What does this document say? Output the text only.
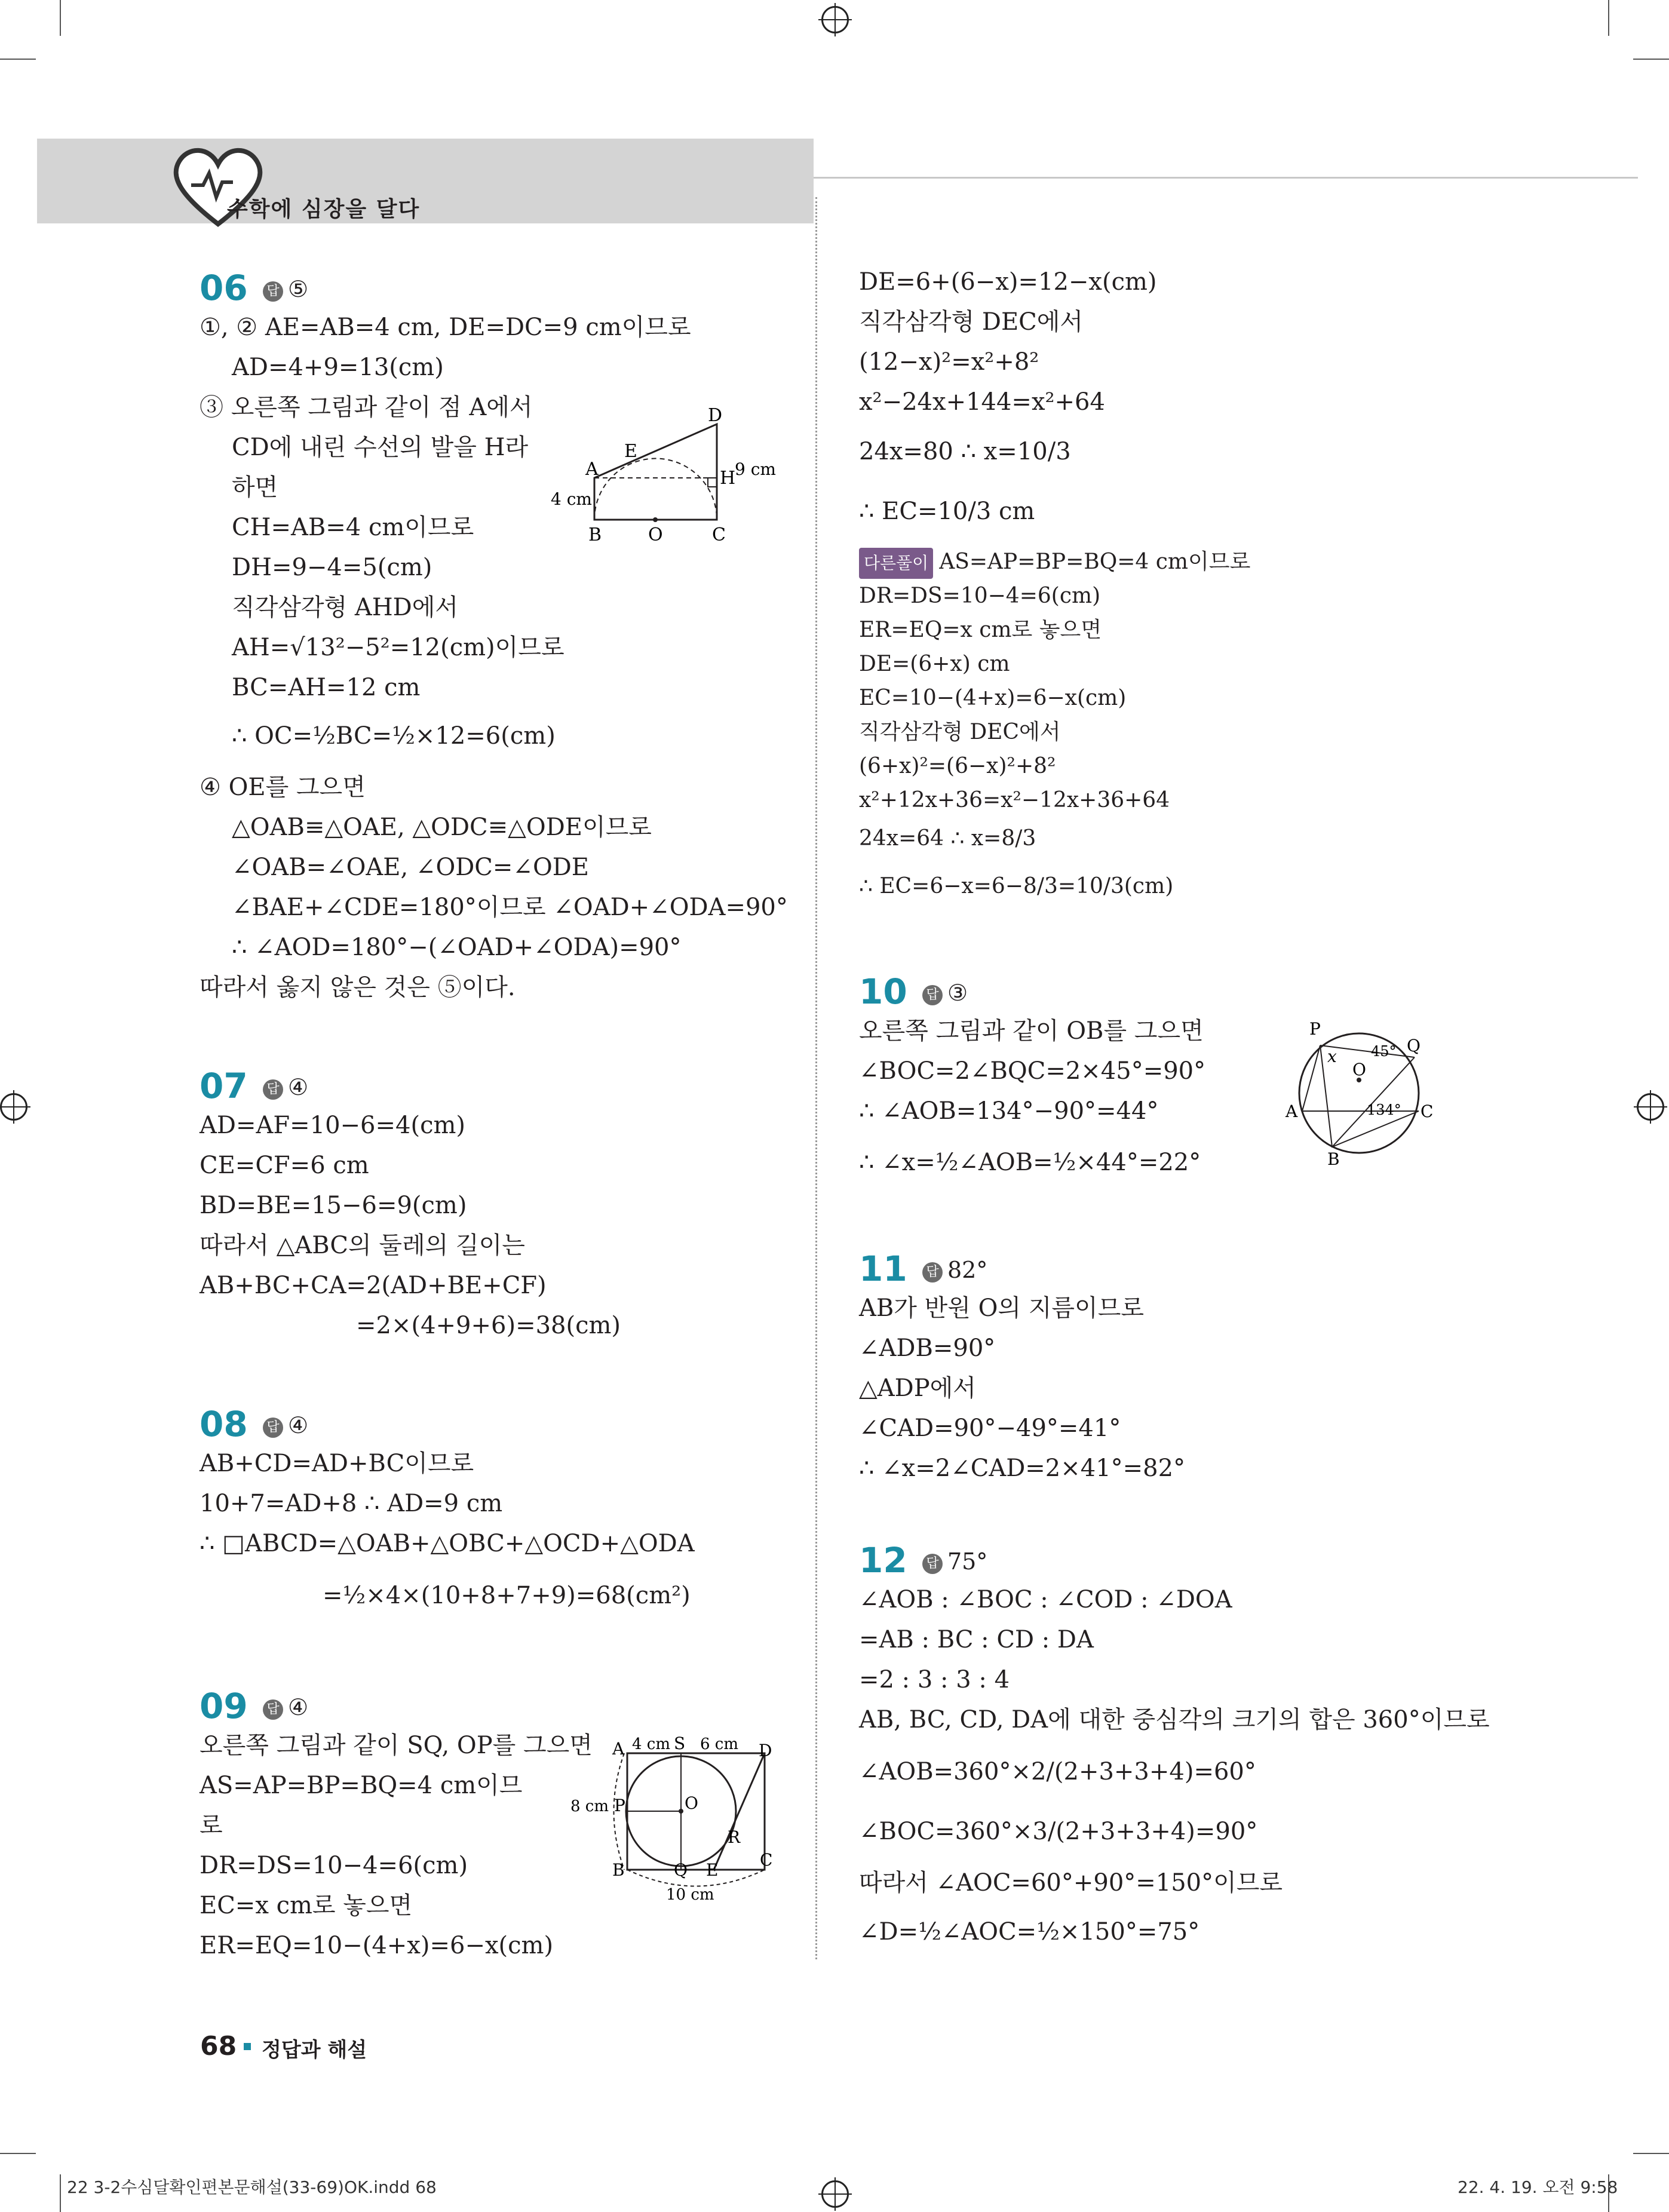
수학에 심장을 달다
06 답 ⑤
①, ② AE=AB=4 cm, DE=DC=9 cm이므로
AD=4+9=13(cm)
③ 오른쪽 그림과 같이 점 A에서
CD에 내린 수선의 발을 H라
하면
CH=AB=4 cm이므로
DH=9−4=5(cm)
직각삼각형 AHD에서
AH=√13²−5²=12(cm)이므로
BC=AH=12 cm
∴ OC=½BC=½×12=6(cm)
④ OE를 그으면
△OAB≡△OAE, △ODC≡△ODE이므로
∠OAB=∠OAE, ∠ODC=∠ODE
∠BAE+∠CDE=180°이므로 ∠OAD+∠ODA=90°
∴ ∠AOD=180°−(∠OAD+∠ODA)=90°
따라서 옳지 않은 것은 ⑤이다.
A
B	C
D
E
H
O
4 cm
9 cm
07 답 ④
AD=AF=10−6=4(cm)
CE=CF=6 cm
BD=BE=15−6=9(cm)
따라서 △ABC의 둘레의 길이는
AB+BC+CA=2(AD+BE+CF)
=2×(4+9+6)=38(cm)
08 답 ④
AB+CD=AD+BC이므로
10+7=AD+8 ∴ AD=9 cm
∴ □ABCD=△OAB+△OBC+△OCD+△ODA
=½×4×(10+8+7+9)=68(cm²)
09 답 ④
오른쪽 그림과 같이 SQ, OP를 그으면
AS=AP=BP=BQ=4 cm이므
로
DR=DS=10−4=6(cm)
EC=x cm로 놓으면
ER=EQ=10−(4+x)=6−x(cm)
A
B
C
D
E
O
P
Q
R
S
4 cm 6 cm
8 cm
10 cm
DE=6+(6−x)=12−x(cm)
직각삼각형 DEC에서
(12−x)²=x²+8²
x²−24x+144=x²+64
24x=80 ∴ x=10/3
∴ EC=10/3 cm
다른풀이 AS=AP=BP=BQ=4 cm이므로
DR=DS=10−4=6(cm)
ER=EQ=x cm로 놓으면
DE=(6+x) cm
EC=10−(4+x)=6−x(cm)
직각삼각형 DEC에서
(6+x)²=(6−x)²+8²
x²+12x+36=x²−12x+36+64
24x=64 ∴ x=8/3
∴ EC=6−x=6−8/3=10/3(cm)
10 답 ③
오른쪽 그림과 같이 OB를 그으면
∠BOC=2∠BQC=2×45°=90°
∴ ∠AOB=134°−90°=44°
∴ ∠x=½∠AOB=½×44°=22°
P
Q
A
B
C
O
x 45°
134°
11 답 82°
AB가 반원 O의 지름이므로
∠ADB=90°
△ADP에서
∠CAD=90°−49°=41°
∴ ∠x=2∠CAD=2×41°=82°
12 답 75°
∠AOB : ∠BOC : ∠COD : ∠DOA
=AB : BC : CD : DA
=2 : 3 : 3 : 4
AB, BC, CD, DA에 대한 중심각의 크기의 합은 360°이므로
∠AOB=360°×2/(2+3+3+4)=60°
∠BOC=360°×3/(2+3+3+4)=90°
따라서 ∠AOC=60°+90°=150°이므로
∠D=½∠AOC=½×150°=75°
68 정답과 해설
22 3-2수심달확인편본문해설(33-69)OK.indd 68	22. 4. 19. 오전 9:58
